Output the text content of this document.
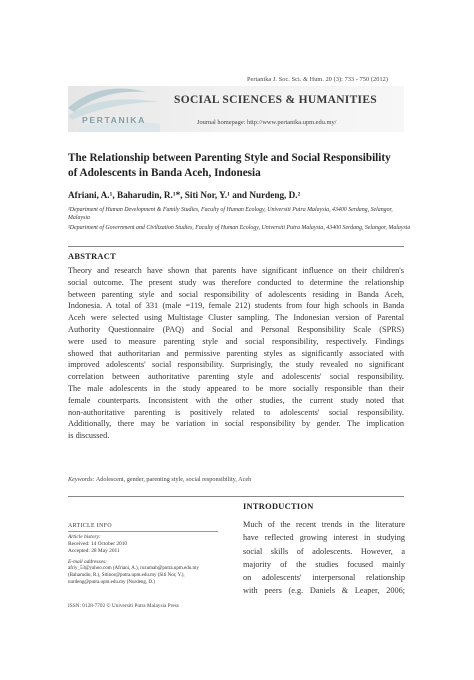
Pertanika J. Soc. Sci. & Hum. 20 (3): 733 - 750 (2012)
PERTANIKA
SOCIAL SCIENCES & HUMANITIES
Journal homepage: http://www.pertanika.upm.edu.my/
The Relationship between Parenting Style and Social Responsibility of Adolescents in Banda Aceh, Indonesia
Afriani, A.¹, Baharudin, R.¹*, Siti Nor, Y.¹ and Nurdeng, D.²
¹Department of Human Development & Family Studies, Faculty of Human Ecology, Universiti Putra Malaysia, 43400 Serdang, Selangor, Malaysia
²Department of Government and Civilization Studies, Faculty of Human Ecology, Universiti Putra Malaysia, 43400 Serdang, Selangor, Malaysia
ABSTRACT
Theory and research have shown that parents have significant influence on their children's
social outcome. The present study was therefore conducted to determine the relationship
between parenting style and social responsibility of adolescents residing in Banda Aceh,
Indonesia. A total of 331 (male =119, female 212) students from four high schools in Banda
Aceh were selected using Multistage Cluster sampling. The Indonesian version of Parental
Authority Questionnaire (PAQ) and Social and Personal Responsibility Scale (SPRS)
were used to measure parenting style and social responsibility, respectively. Findings
showed that authoritarian and permissive parenting styles as significantly associated with
improved adolescents' social responsibility. Surprisingly, the study revealed no significant
correlation between authoritative parenting style and adolescents' social responsibility.
The male adolescents in the study appeared to be more socially responsible than their
female counterparts. Inconsistent with the other studies, the current study noted that
non-authoritative parenting is positively related to adolescents' social responsibility.
Additionally, there may be variation in social responsibility by gender. The implication
is discussed.
Keywords: Adolescent, gender, parenting style, social responsibility, Aceh
ARTICLE INFO
Article history:
Received: 14 October 2010
Accepted: 28 May 2011
E-mail addresses:
afriy_53@yahoo.com (Afriani, A.), rozumah@putra.upm.edu.my (Baharudin, R.), Sitinor@putra.upm.edu.my (Siti Nor, Y.), nurdeng@putra.upm.edu.my (Nurdeng, D.)
ISSN: 0128-7702 © Universiti Putra Malaysia Press
INTRODUCTION
Much of the recent trends in the literature
have reflected growing interest in studying
social skills of adolescents. However, a
majority of the studies focused mainly
on adolescents' interpersonal relationship
with peers (e.g. Daniels & Leaper, 2006;
